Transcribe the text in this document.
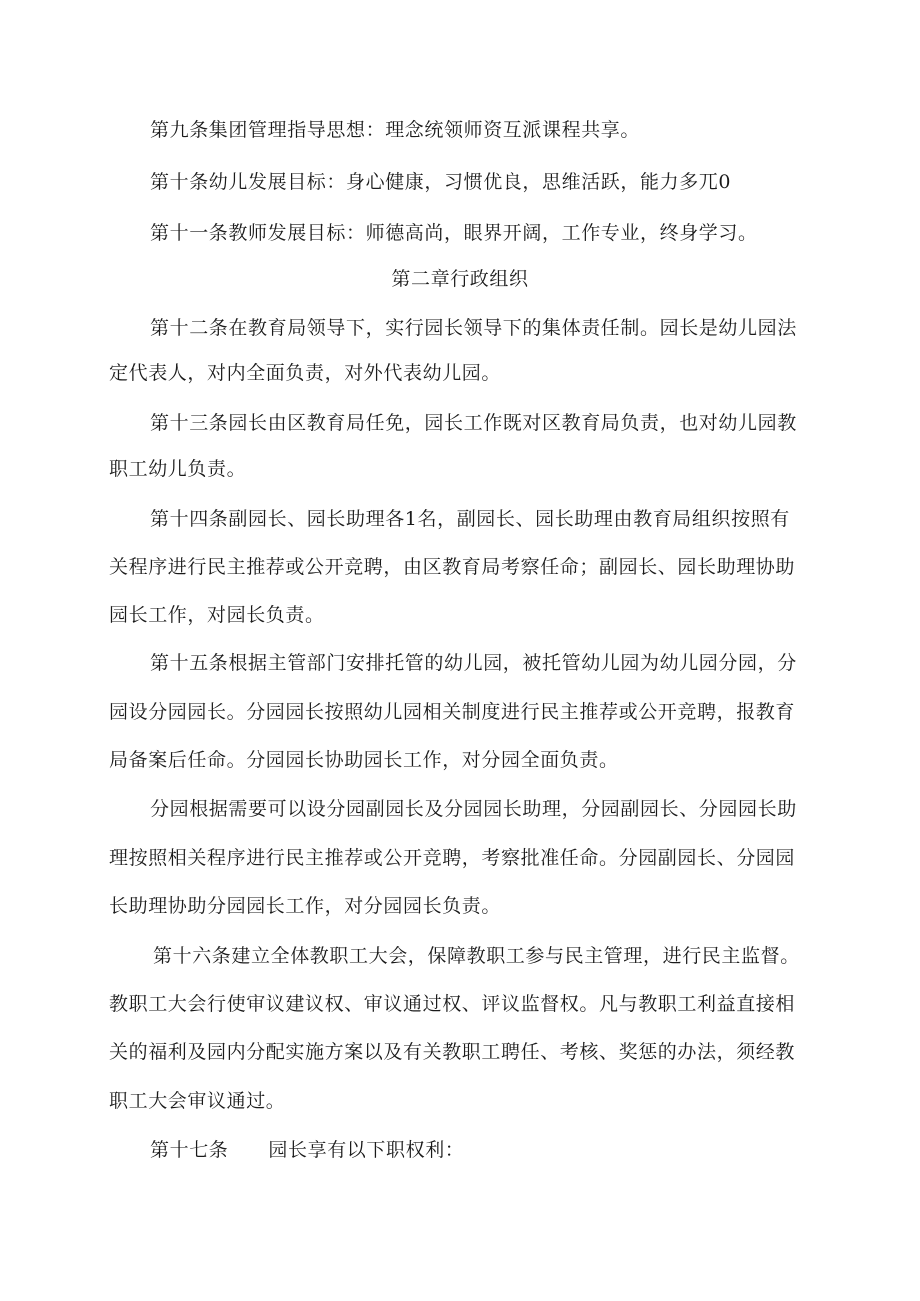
第九条集团管理指导思想：理念统领师资互派课程共享。
第十条幼儿发展目标：身心健康，习惯优良，思维活跃，能力多兀0
第十一条教师发展目标：师德高尚，眼界开阔，工作专业，终身学习。
第二章行政组织
第十二条在教育局领导下，实行园长领导下的集体责任制。园长是幼儿园法
定代表人，对内全面负责，对外代表幼儿园。
第十三条园长由区教育局任免，园长工作既对区教育局负责，也对幼儿园教
职工幼儿负责。
第十四条副园长、园长助理各1名，副园长、园长助理由教育局组织按照有
关程序进行民主推荐或公开竞聘，由区教育局考察任命；副园长、园长助理协助
园长工作，对园长负责。
第十五条根据主管部门安排托管的幼儿园，被托管幼儿园为幼儿园分园，分
园设分园园长。分园园长按照幼儿园相关制度进行民主推荐或公开竞聘，报教育
局备案后任命。分园园长协助园长工作，对分园全面负责。
分园根据需要可以设分园副园长及分园园长助理，分园副园长、分园园长助
理按照相关程序进行民主推荐或公开竞聘，考察批准任命。分园副园长、分园园
长助理协助分园园长工作，对分园园长负责。
第十六条建立全体教职工大会，保障教职工参与民主管理，进行民主监督。
教职工大会行使审议建议权、审议通过权、评议监督权。凡与教职工利益直接相
关的福利及园内分配实施方案以及有关教职工聘任、考核、奖惩的办法，须经教
职工大会审议通过。
第十七条 园长享有以下职权利：
